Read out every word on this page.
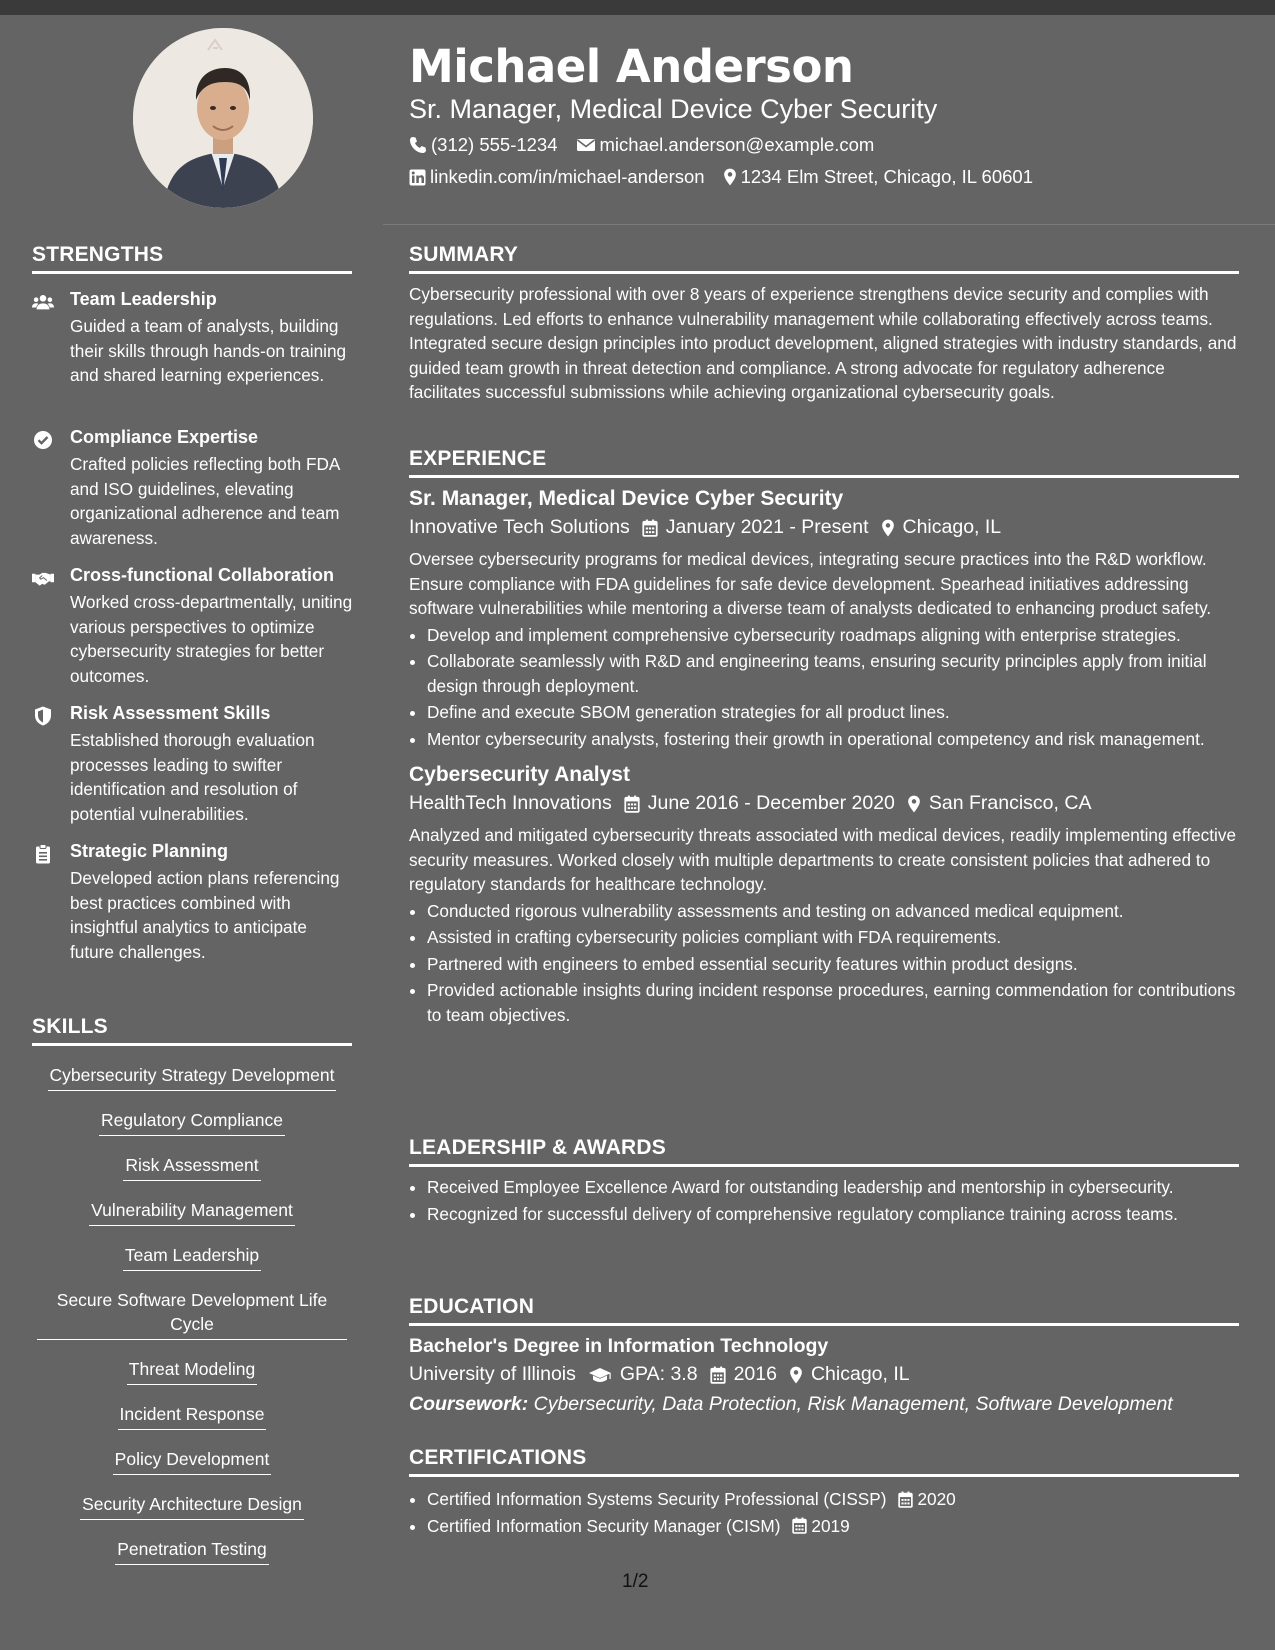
STRENGTHS
Team Leadership

Guided a team of analysts, building their skills through hands-on training and shared learning experiences.

Compliance Expertise

Crafted policies reflecting both FDA and ISO guidelines, elevating organizational adherence and team awareness.

Cross-functional Collaboration

Worked cross-departmentally, uniting various perspectives to optimize cybersecurity strategies for better outcomes.

Risk Assessment Skills

Established thorough evaluation processes leading to swifter identification and resolution of potential vulnerabilities.

Strategic Planning

Developed action plans referencing best practices combined with insightful analytics to anticipate future challenges.

SKILLS
Cybersecurity Strategy Development
Regulatory Compliance
Risk Assessment
Vulnerability Management
Team Leadership
Secure Software Development Life Cycle
Threat Modeling
Incident Response
Policy Development
Security Architecture Design
Penetration Testing
Michael Anderson
Sr. Manager, Medical Device Cyber Security
(312) 555-1234 michael.anderson@example.com
linkedin.com/in/michael-anderson 1234 Elm Street, Chicago, IL 60601
SUMMARY

Cybersecurity professional with over 8 years of experience strengthens device security and complies with regulations. Led efforts to enhance vulnerability management while collaborating effectively across teams. Integrated secure design principles into product development, aligned strategies with industry standards, and guided team growth in threat detection and compliance. A strong advocate for regulatory adherence facilitates successful submissions while achieving organizational cybersecurity goals.

EXPERIENCE
Sr. Manager, Medical Device Cyber Security
Innovative Tech Solutions January 2021 - Present Chicago, IL

Oversee cybersecurity programs for medical devices, integrating secure practices into the R&D workflow. Ensure compliance with FDA guidelines for safe device development. Spearhead initiatives addressing software vulnerabilities while mentoring a diverse team of analysts dedicated to enhancing product safety.

• Develop and implement comprehensive cybersecurity roadmaps aligning with enterprise strategies.
• Collaborate seamlessly with R&D and engineering teams, ensuring security principles apply from initial design through deployment.
• Define and execute SBOM generation strategies for all product lines.
• Mentor cybersecurity analysts, fostering their growth in operational competency and risk management.
Cybersecurity Analyst
HealthTech Innovations June 2016 - December 2020 San Francisco, CA

Analyzed and mitigated cybersecurity threats associated with medical devices, readily implementing effective security measures. Worked closely with multiple departments to create consistent policies that adhered to regulatory standards for healthcare technology.

• Conducted rigorous vulnerability assessments and testing on advanced medical equipment.
• Assisted in crafting cybersecurity policies compliant with FDA requirements.
• Partnered with engineers to embed essential security features within product designs.
• Provided actionable insights during incident response procedures, earning commendation for contributions to team objectives.
LEADERSHIP & AWARDS
• Received Employee Excellence Award for outstanding leadership and mentorship in cybersecurity.
• Recognized for successful delivery of comprehensive regulatory compliance training across teams.
EDUCATION
Bachelor's Degree in Information Technology
University of Illinois GPA: 3.8 2016 Chicago, IL
Coursework: Cybersecurity, Data Protection, Risk Management, Software Development
CERTIFICATIONS
• Certified Information Systems Security Professional (CISSP) 2020
• Certified Information Security Manager (CISM) 2019
1/2
